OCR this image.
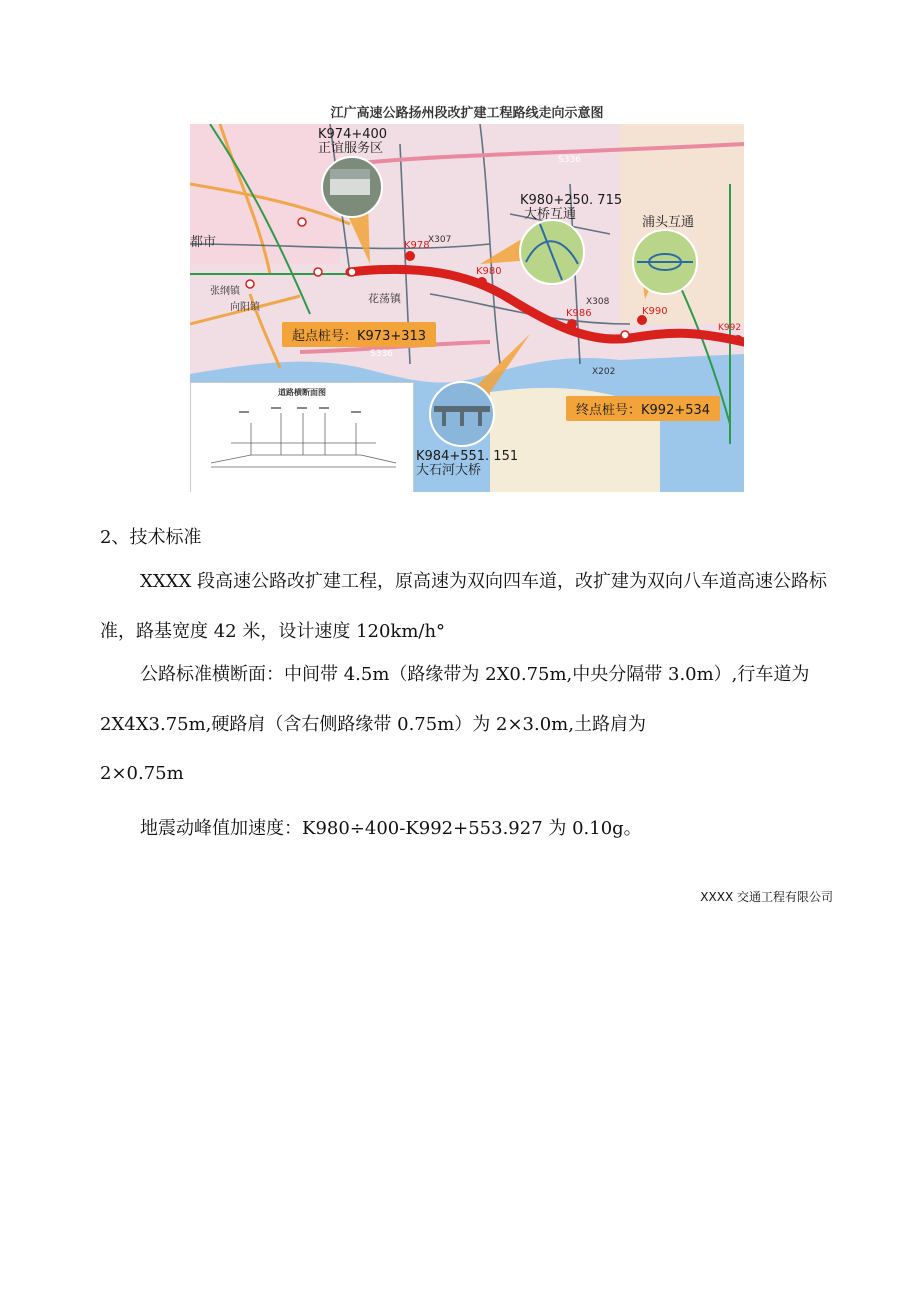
江广高速公路扬州段改扩建工程路线走向示意图
K978
K980
K986	K990
K992
S336
S336
X307
X308
X202
花荡镇
向阳镇
张纲镇
都市
K974+400
正谊服务区
K980+250. 715
大桥互通
浦头互通
K984+551. 151
大石河大桥
起点桩号：K973+313
终点桩号：K992+534
道路横断面图
2、技术标准
XXXX 段高速公路改扩建工程，原高速为双向四车道，改扩建为双向八车道高速公路标准，路基宽度 42 米，设计速度 120km∕h°
公路标准横断面：中间带 4.5m（路缘带为 2X0.75m,中央分隔带 3.0m）,行车道为 2X4X3.75m,硬路肩（含右侧路缘带 0.75m）为 2×3.0m,土路肩为
2×0.75m
地震动峰值加速度：K980÷400-K992+553.927 为 0.10g。
XXXX 交通工程有限公司
